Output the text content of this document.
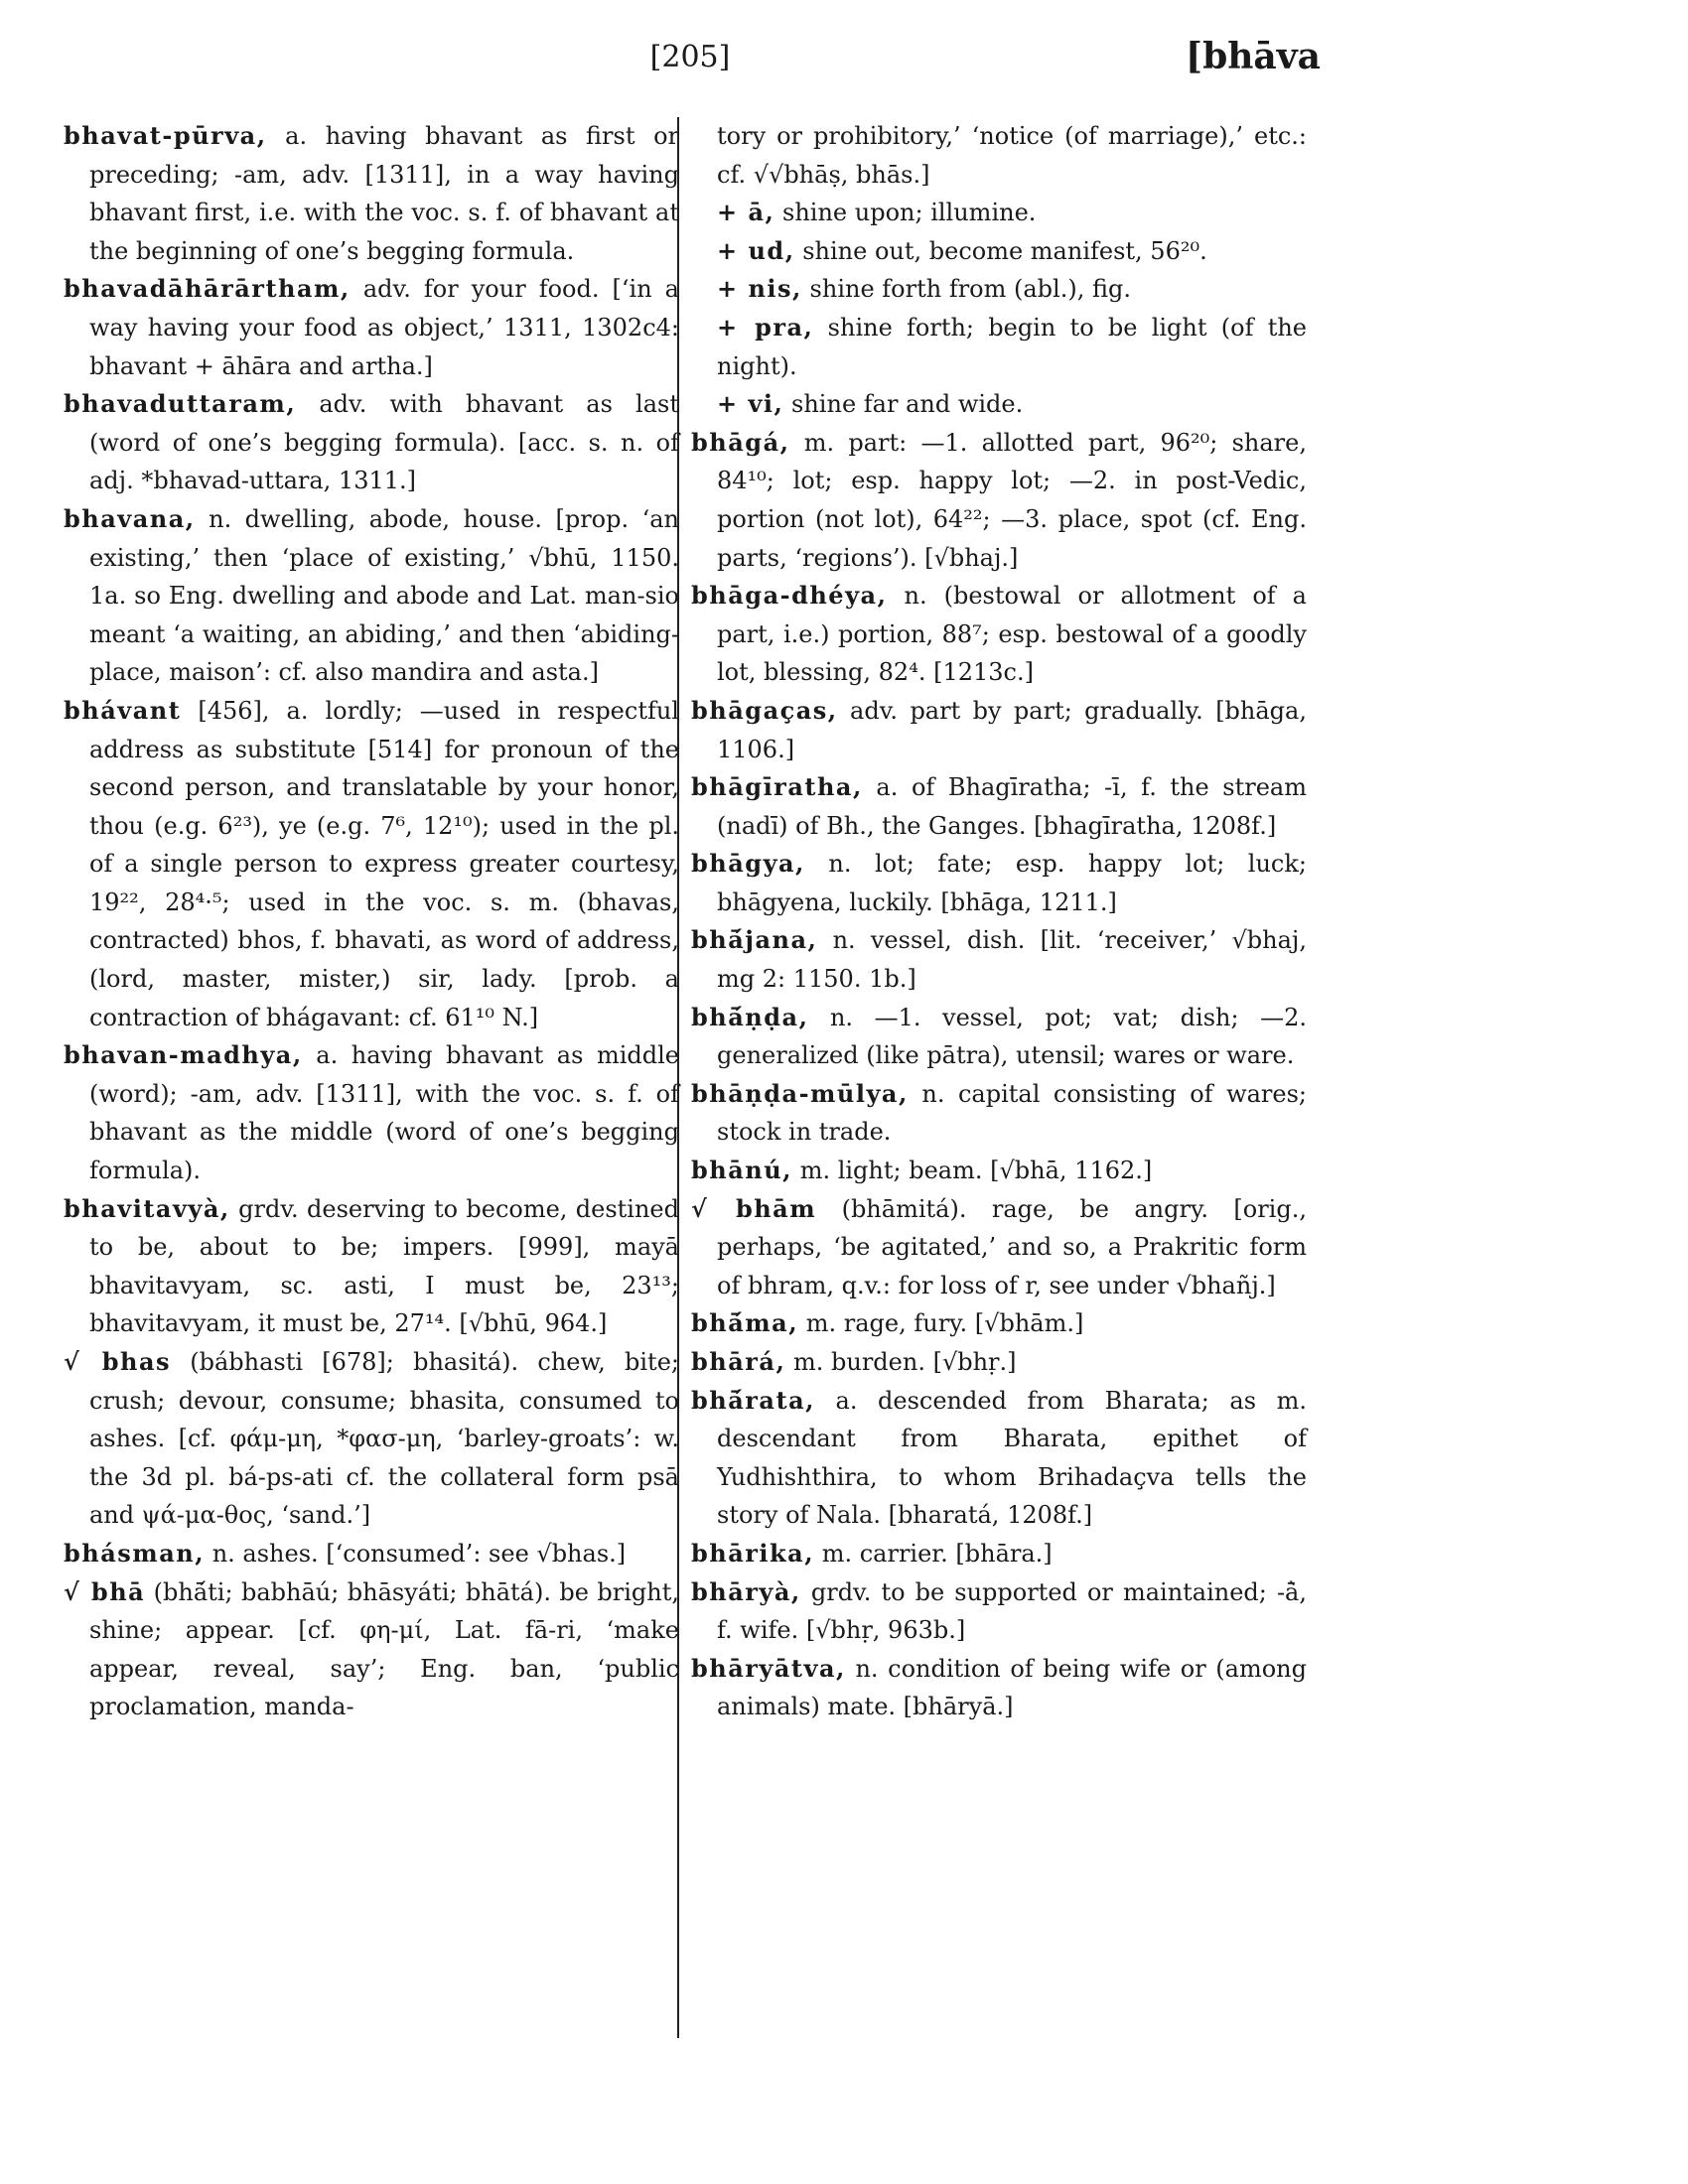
[205]	[bhāva

bhavat-pūrva, a. having bhavant as first or preceding; -am, adv. [1311], in a way having bhavant first, i.e. with the voc. s. f. of bhavant at the beginning of one’s begging formula.

bhavadāhārārtham, adv. for your food. [‘in a way having your food as object,’ 1311, 1302c4: bhavant + āhāra and artha.]

bhavaduttaram, adv. with bhavant as last (word of one’s begging formula). [acc. s. n. of adj. *bhavad-uttara, 1311.]

bhavana, n. dwelling, abode, house. [prop. ‘an existing,’ then ‘place of existing,’ √bhū, 1150. 1a. so Eng. dwelling and abode and Lat. man-sio meant ‘a waiting, an abiding,’ and then ‘abiding-place, maison’: cf. also mandira and asta.]

bhávant [456], a. lordly; —used in respectful address as substitute [514] for pronoun of the second person, and translatable by your honor, thou (e.g. 6²³), ye (e.g. 7⁶, 12¹⁰); used in the pl. of a single person to express greater courtesy, 19²², 28⁴·⁵; used in the voc. s. m. (bhavas, contracted) bhos, f. bhavati, as word of address, (lord, master, mister,) sir, lady. [prob. a contraction of bhágavant: cf. 61¹⁰ N.]

bhavan-madhya, a. having bhavant as middle (word); -am, adv. [1311], with the voc. s. f. of bhavant as the middle (word of one’s begging formula).

bhavitavyà, grdv. deserving to become, destined to be, about to be; impers. [999], mayā bhavitavyam, sc. asti, I must be, 23¹³; bhavitavyam, it must be, 27¹⁴. [√bhū, 964.]

√ bhas (bábhasti [678]; bhasitá). chew, bite; crush; devour, consume; bhasita, consumed to ashes. [cf. φάμ-μη, *φασ-μη, ‘barley-groats’: w. the 3d pl. bá-ps-ati cf. the collateral form psā and ψά-μα-θος, ‘sand.’]

bhásman, n. ashes. [‘consumed’: see √bhas.]

√ bhā (bhā́ti; babhāú; bhāsyáti; bhātá). be bright, shine; appear. [cf. φη-μί, Lat. fā-ri, ‘make appear, reveal, say’; Eng. ban, ‘public proclamation, manda-

tory or prohibitory,’ ‘notice (of marriage),’ etc.: cf. √√bhāṣ, bhās.]

+ ā, shine upon; illumine.

+ ud, shine out, become manifest, 56²⁰.

+ nis, shine forth from (abl.), fig.

+ pra, shine forth; begin to be light (of the night).

+ vi, shine far and wide.

bhāgá, m. part: —1. allotted part, 96²⁰; share, 84¹⁰; lot; esp. happy lot; —2. in post-Vedic, portion (not lot), 64²²; —3. place, spot (cf. Eng. parts, ‘regions’). [√bhaj.]

bhāga-dhéya, n. (bestowal or allotment of a part, i.e.) portion, 88⁷; esp. bestowal of a goodly lot, blessing, 82⁴. [1213c.]

bhāgaças, adv. part by part; gradually. [bhāga, 1106.]

bhāgīratha, a. of Bhagīratha; -ī, f. the stream (nadī) of Bh., the Ganges. [bhagīratha, 1208f.]

bhāgya, n. lot; fate; esp. happy lot; luck; bhāgyena, luckily. [bhāga, 1211.]

bhā́jana, n. vessel, dish. [lit. ‘receiver,’ √bhaj, mg 2: 1150. 1b.]

bhā́ṇḍa, n. —1. vessel, pot; vat; dish; —2. generalized (like pātra), utensil; wares or ware.

bhāṇḍa-mūlya, n. capital consisting of wares; stock in trade.

bhānú, m. light; beam. [√bhā, 1162.]

√ bhām (bhāmitá). rage, be angry. [orig., perhaps, ‘be agitated,’ and so, a Prakritic form of bhram, q.v.: for loss of r, see under √bhañj.]

bhā́ma, m. rage, fury. [√bhām.]

bhārá, m. burden. [√bhṛ.]

bhā́rata, a. descended from Bharata; as m. descendant from Bharata, epithet of Yudhishthira, to whom Brihadaçva tells the story of Nala. [bharatá, 1208f.]

bhārika, m. carrier. [bhāra.]

bhāryà, grdv. to be supported or maintained; -ā̀, f. wife. [√bhṛ, 963b.]

bhāryātva, n. condition of being wife or (among animals) mate. [bhāryā.]
